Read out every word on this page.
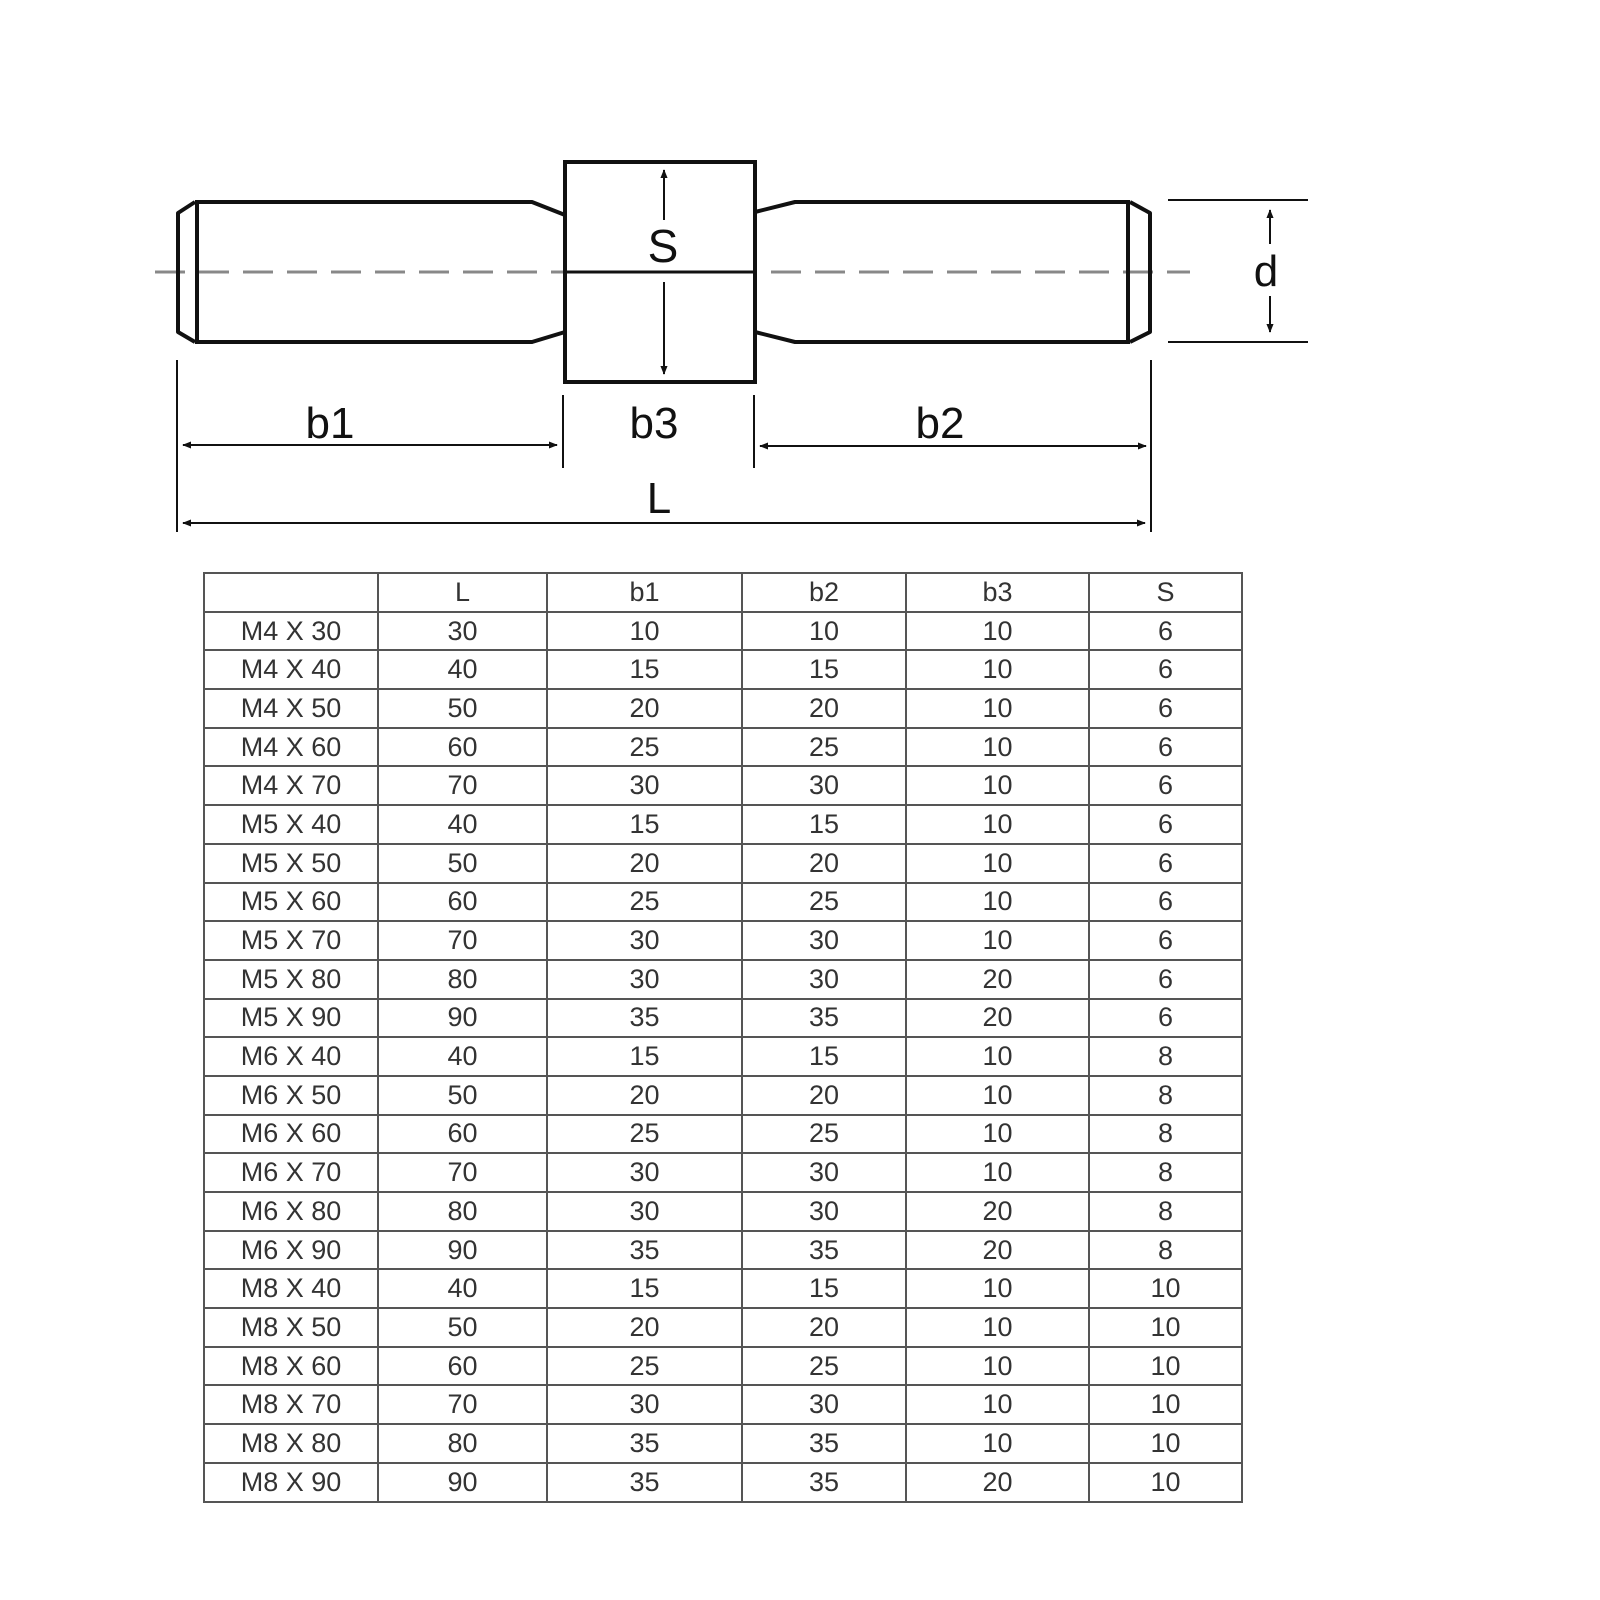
S	d
b1	b3	b2
L
	L	b1	b2	b3	S
M4 X 30	30	10	10	10	6
M4 X 40	40	15	15	10	6
M4 X 50	50	20	20	10	6
M4 X 60	60	25	25	10	6
M4 X 70	70	30	30	10	6
M5 X 40	40	15	15	10	6
M5 X 50	50	20	20	10	6
M5 X 60	60	25	25	10	6
M5 X 70	70	30	30	10	6
M5 X 80	80	30	30	20	6
M5 X 90	90	35	35	20	6
M6 X 40	40	15	15	10	8
M6 X 50	50	20	20	10	8
M6 X 60	60	25	25	10	8
M6 X 70	70	30	30	10	8
M6 X 80	80	30	30	20	8
M6 X 90	90	35	35	20	8
M8 X 40	40	15	15	10	10
M8 X 50	50	20	20	10	10
M8 X 60	60	25	25	10	10
M8 X 70	70	30	30	10	10
M8 X 80	80	35	35	10	10
M8 X 90	90	35	35	20	10
